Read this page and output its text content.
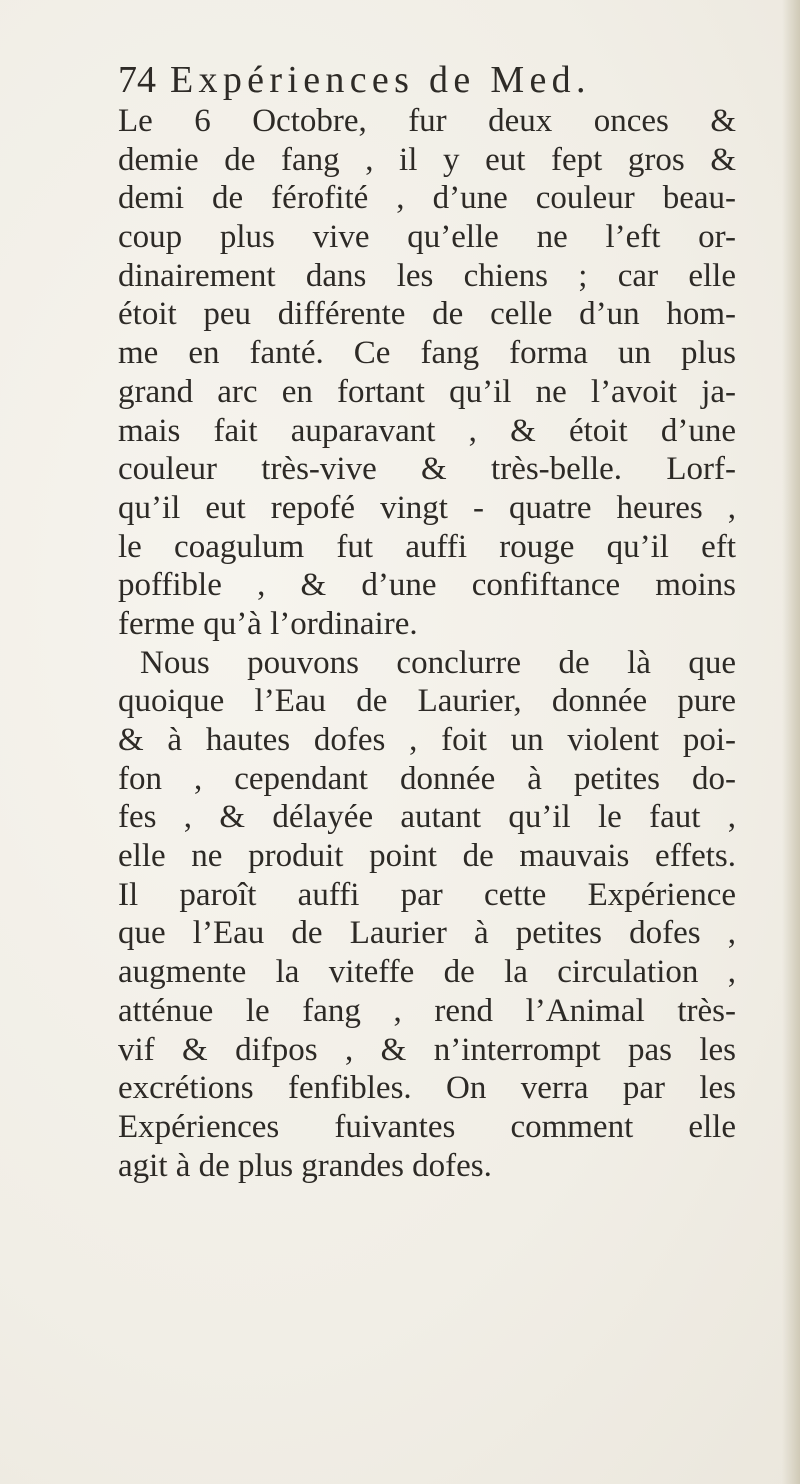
74 Expériences de Med.
Le 6 Octobre, fur deux onces &
demie de fang , il y eut fept gros &
demi de férofité , d’une couleur beau-
coup plus vive qu’elle ne l’eft or-
dinairement dans les chiens ; car elle
étoit peu différente de celle d’un hom-
me en fanté. Ce fang forma un plus
grand arc en fortant qu’il ne l’avoit ja-
mais fait auparavant , & étoit d’une
couleur très-vive & très-belle. Lorf-
qu’il eut repofé vingt - quatre heures ,
le coagulum fut auffi rouge qu’il eft
poffible , & d’une confiftance moins
ferme qu’à l’ordinaire.
Nous pouvons conclurre de là que
quoique l’Eau de Laurier, donnée pure
& à hautes dofes , foit un violent poi-
fon , cependant donnée à petites do-
fes , & délayée autant qu’il le faut ,
elle ne produit point de mauvais effets.
Il paroît auffi par cette Expérience
que l’Eau de Laurier à petites dofes ,
augmente la viteffe de la circulation ,
atténue le fang , rend l’Animal très-
vif & difpos , & n’interrompt pas les
excrétions fenfibles. On verra par les
Expériences fuivantes comment elle
agit à de plus grandes dofes.
